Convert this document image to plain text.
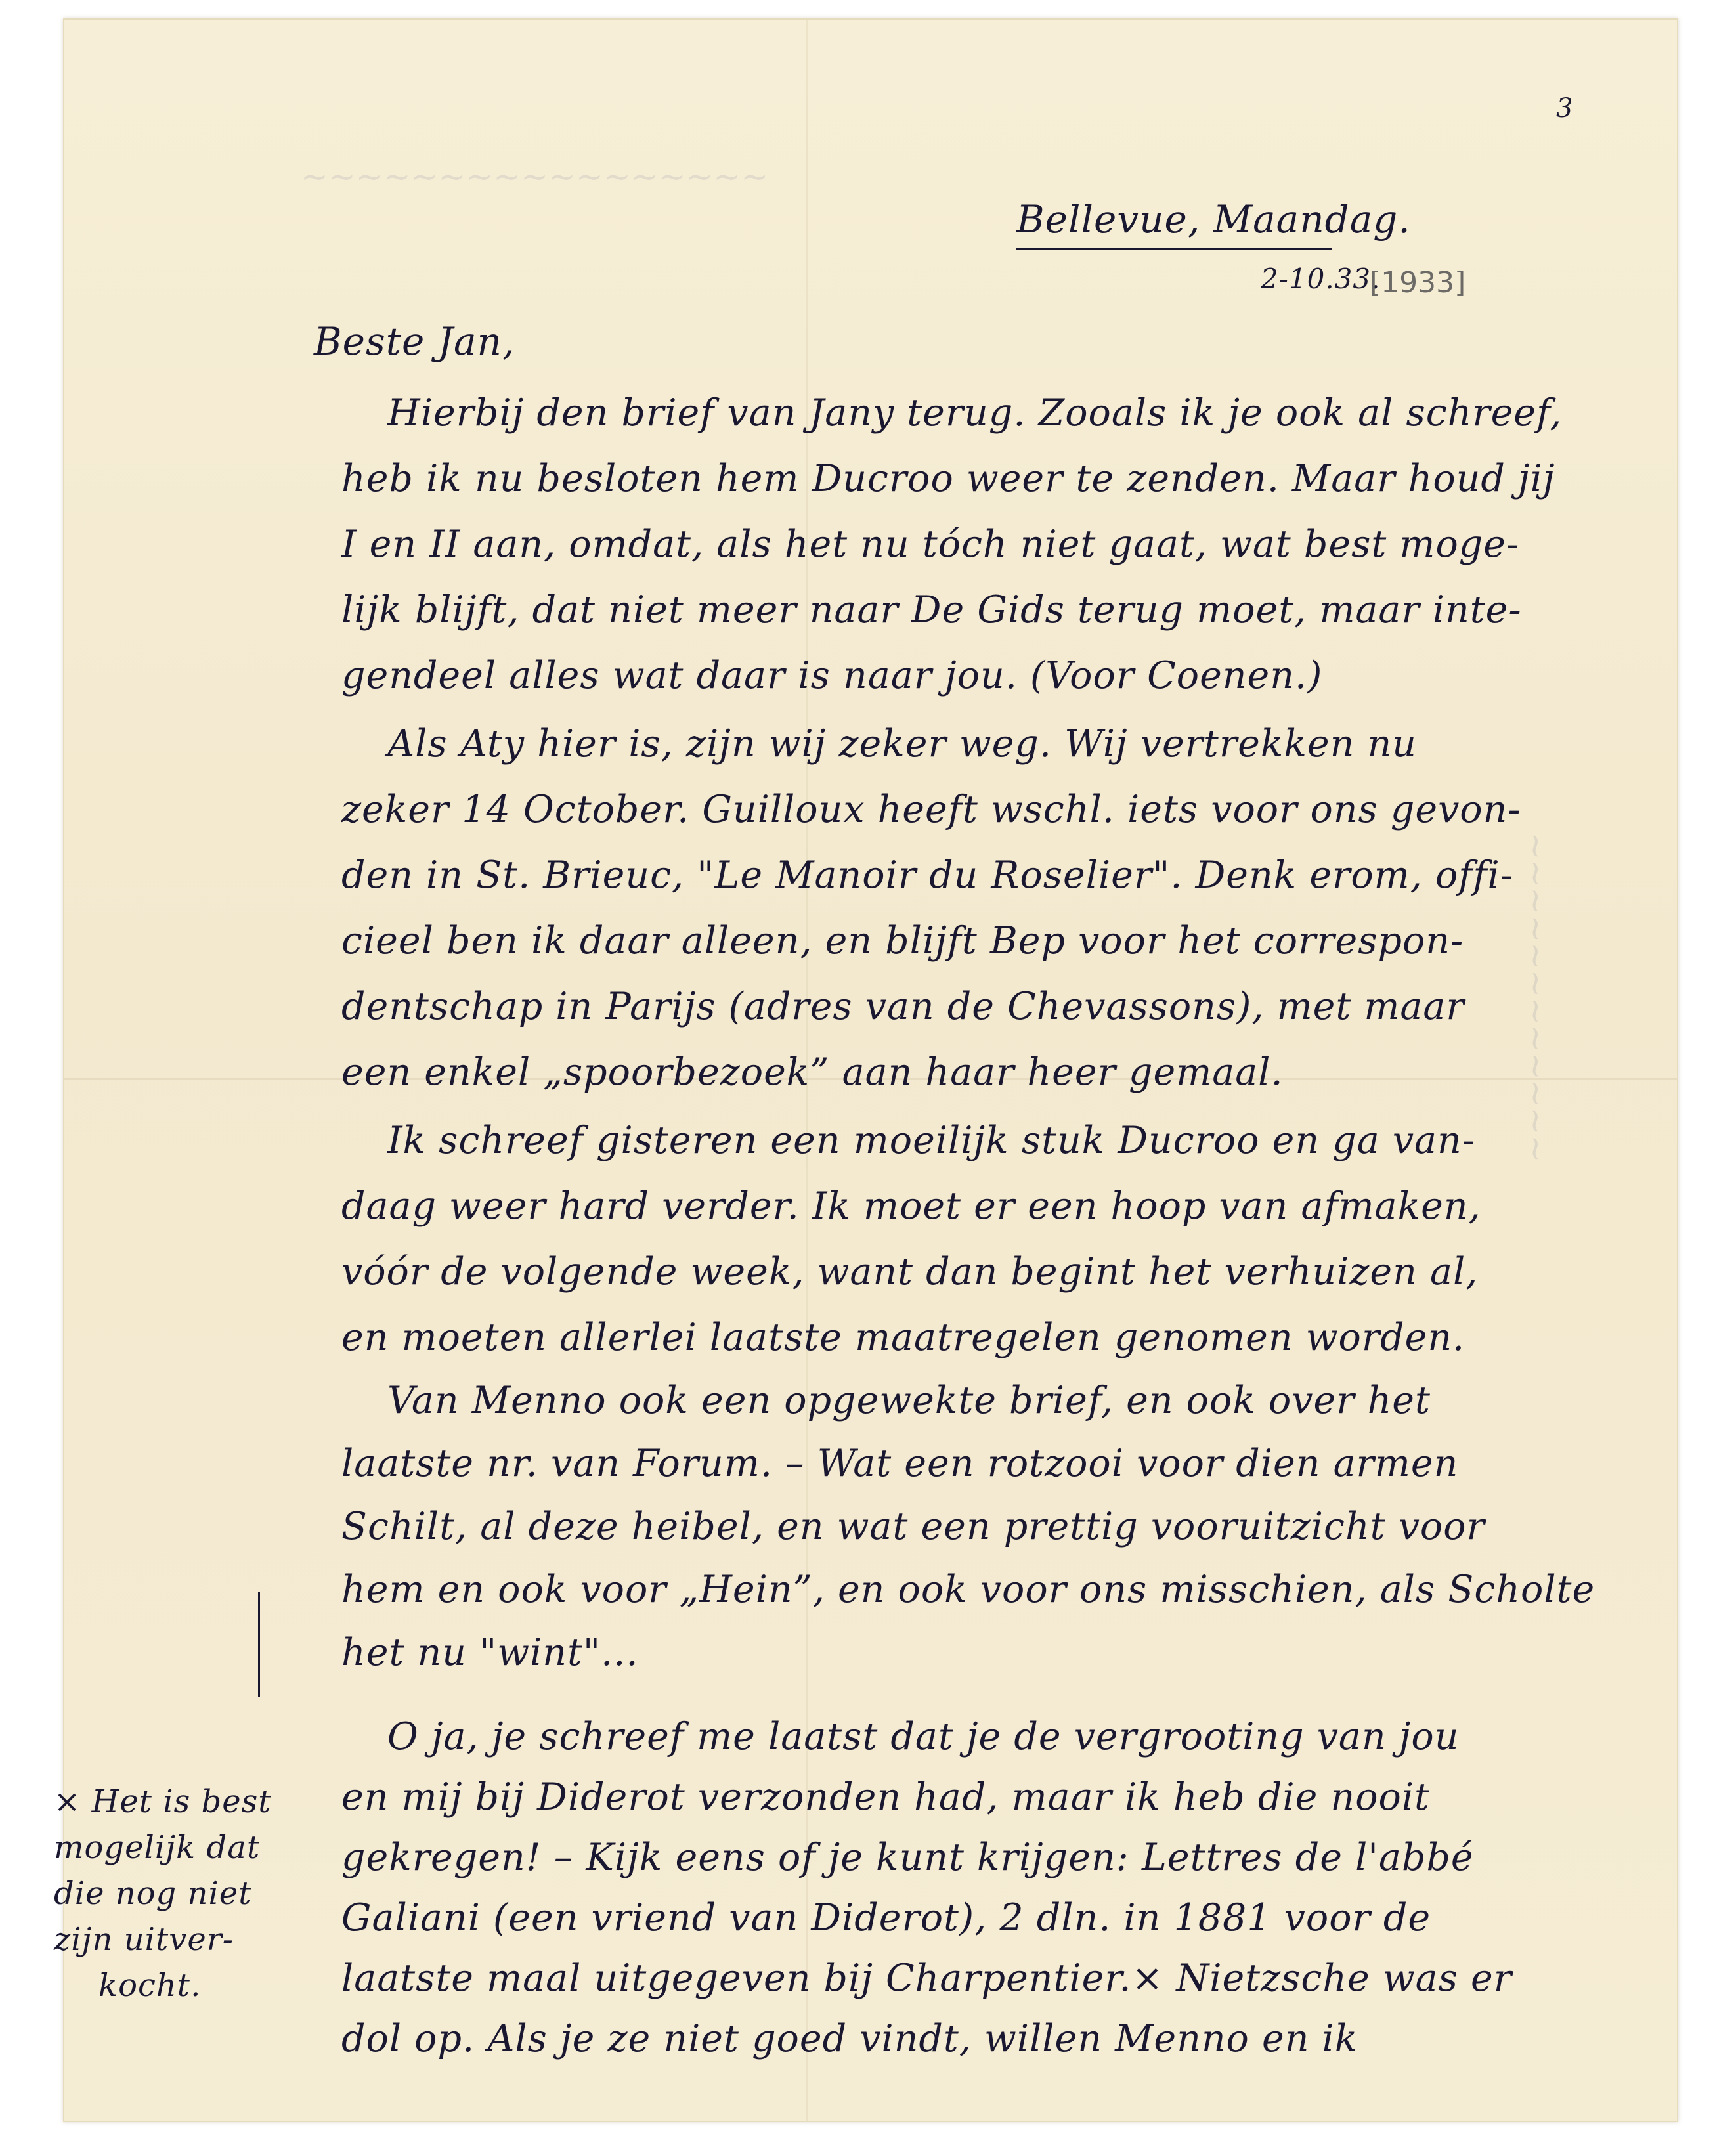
~~~~~~~~~~~~~~~~~
~~~~~~~~~~~~
3
Bellevue, Maandag.
2-10.33.
[1933]
Beste Jan,
Hierbij den brief van Jany terug. Zooals ik je ook al schreef,
heb ik nu besloten hem Ducroo weer te zenden. Maar houd jij
I en II aan, omdat, als het nu tóch niet gaat, wat best moge-
lijk blijft, dat niet meer naar De Gids terug moet, maar inte-
gendeel alles wat daar is naar jou. (Voor Coenen.)
Als Aty hier is, zijn wij zeker weg. Wij vertrekken nu
zeker 14 October. Guilloux heeft wschl. iets voor ons gevon-
den in St. Brieuc, "Le Manoir du Roselier". Denk erom, offi-
cieel ben ik daar alleen, en blijft Bep voor het correspon-
dentschap in Parijs (adres van de Chevassons), met maar
een enkel „spoorbezoek” aan haar heer gemaal.
Ik schreef gisteren een moeilijk stuk Ducroo en ga van-
daag weer hard verder. Ik moet er een hoop van afmaken,
vóór de volgende week, want dan begint het verhuizen al,
en moeten allerlei laatste maatregelen genomen worden.
Van Menno ook een opgewekte brief, en ook over het
laatste nr. van Forum. – Wat een rotzooi voor dien armen
Schilt, al deze heibel, en wat een prettig vooruitzicht voor
hem en ook voor „Hein”, en ook voor ons misschien, als Scholte
het nu "wint"...
O ja, je schreef me laatst dat je de vergrooting van jou
en mij bij Diderot verzonden had, maar ik heb die nooit
gekregen! – Kijk eens of je kunt krijgen: Lettres de l'abbé
Galiani (een vriend van Diderot), 2 dln. in 1881 voor de
laatste maal uitgegeven bij Charpentier.× Nietzsche was er
dol op. Als je ze niet goed vindt, willen Menno en ik
× Het is best
mogelijk dat
die nog niet
zijn uitver-
kocht.
